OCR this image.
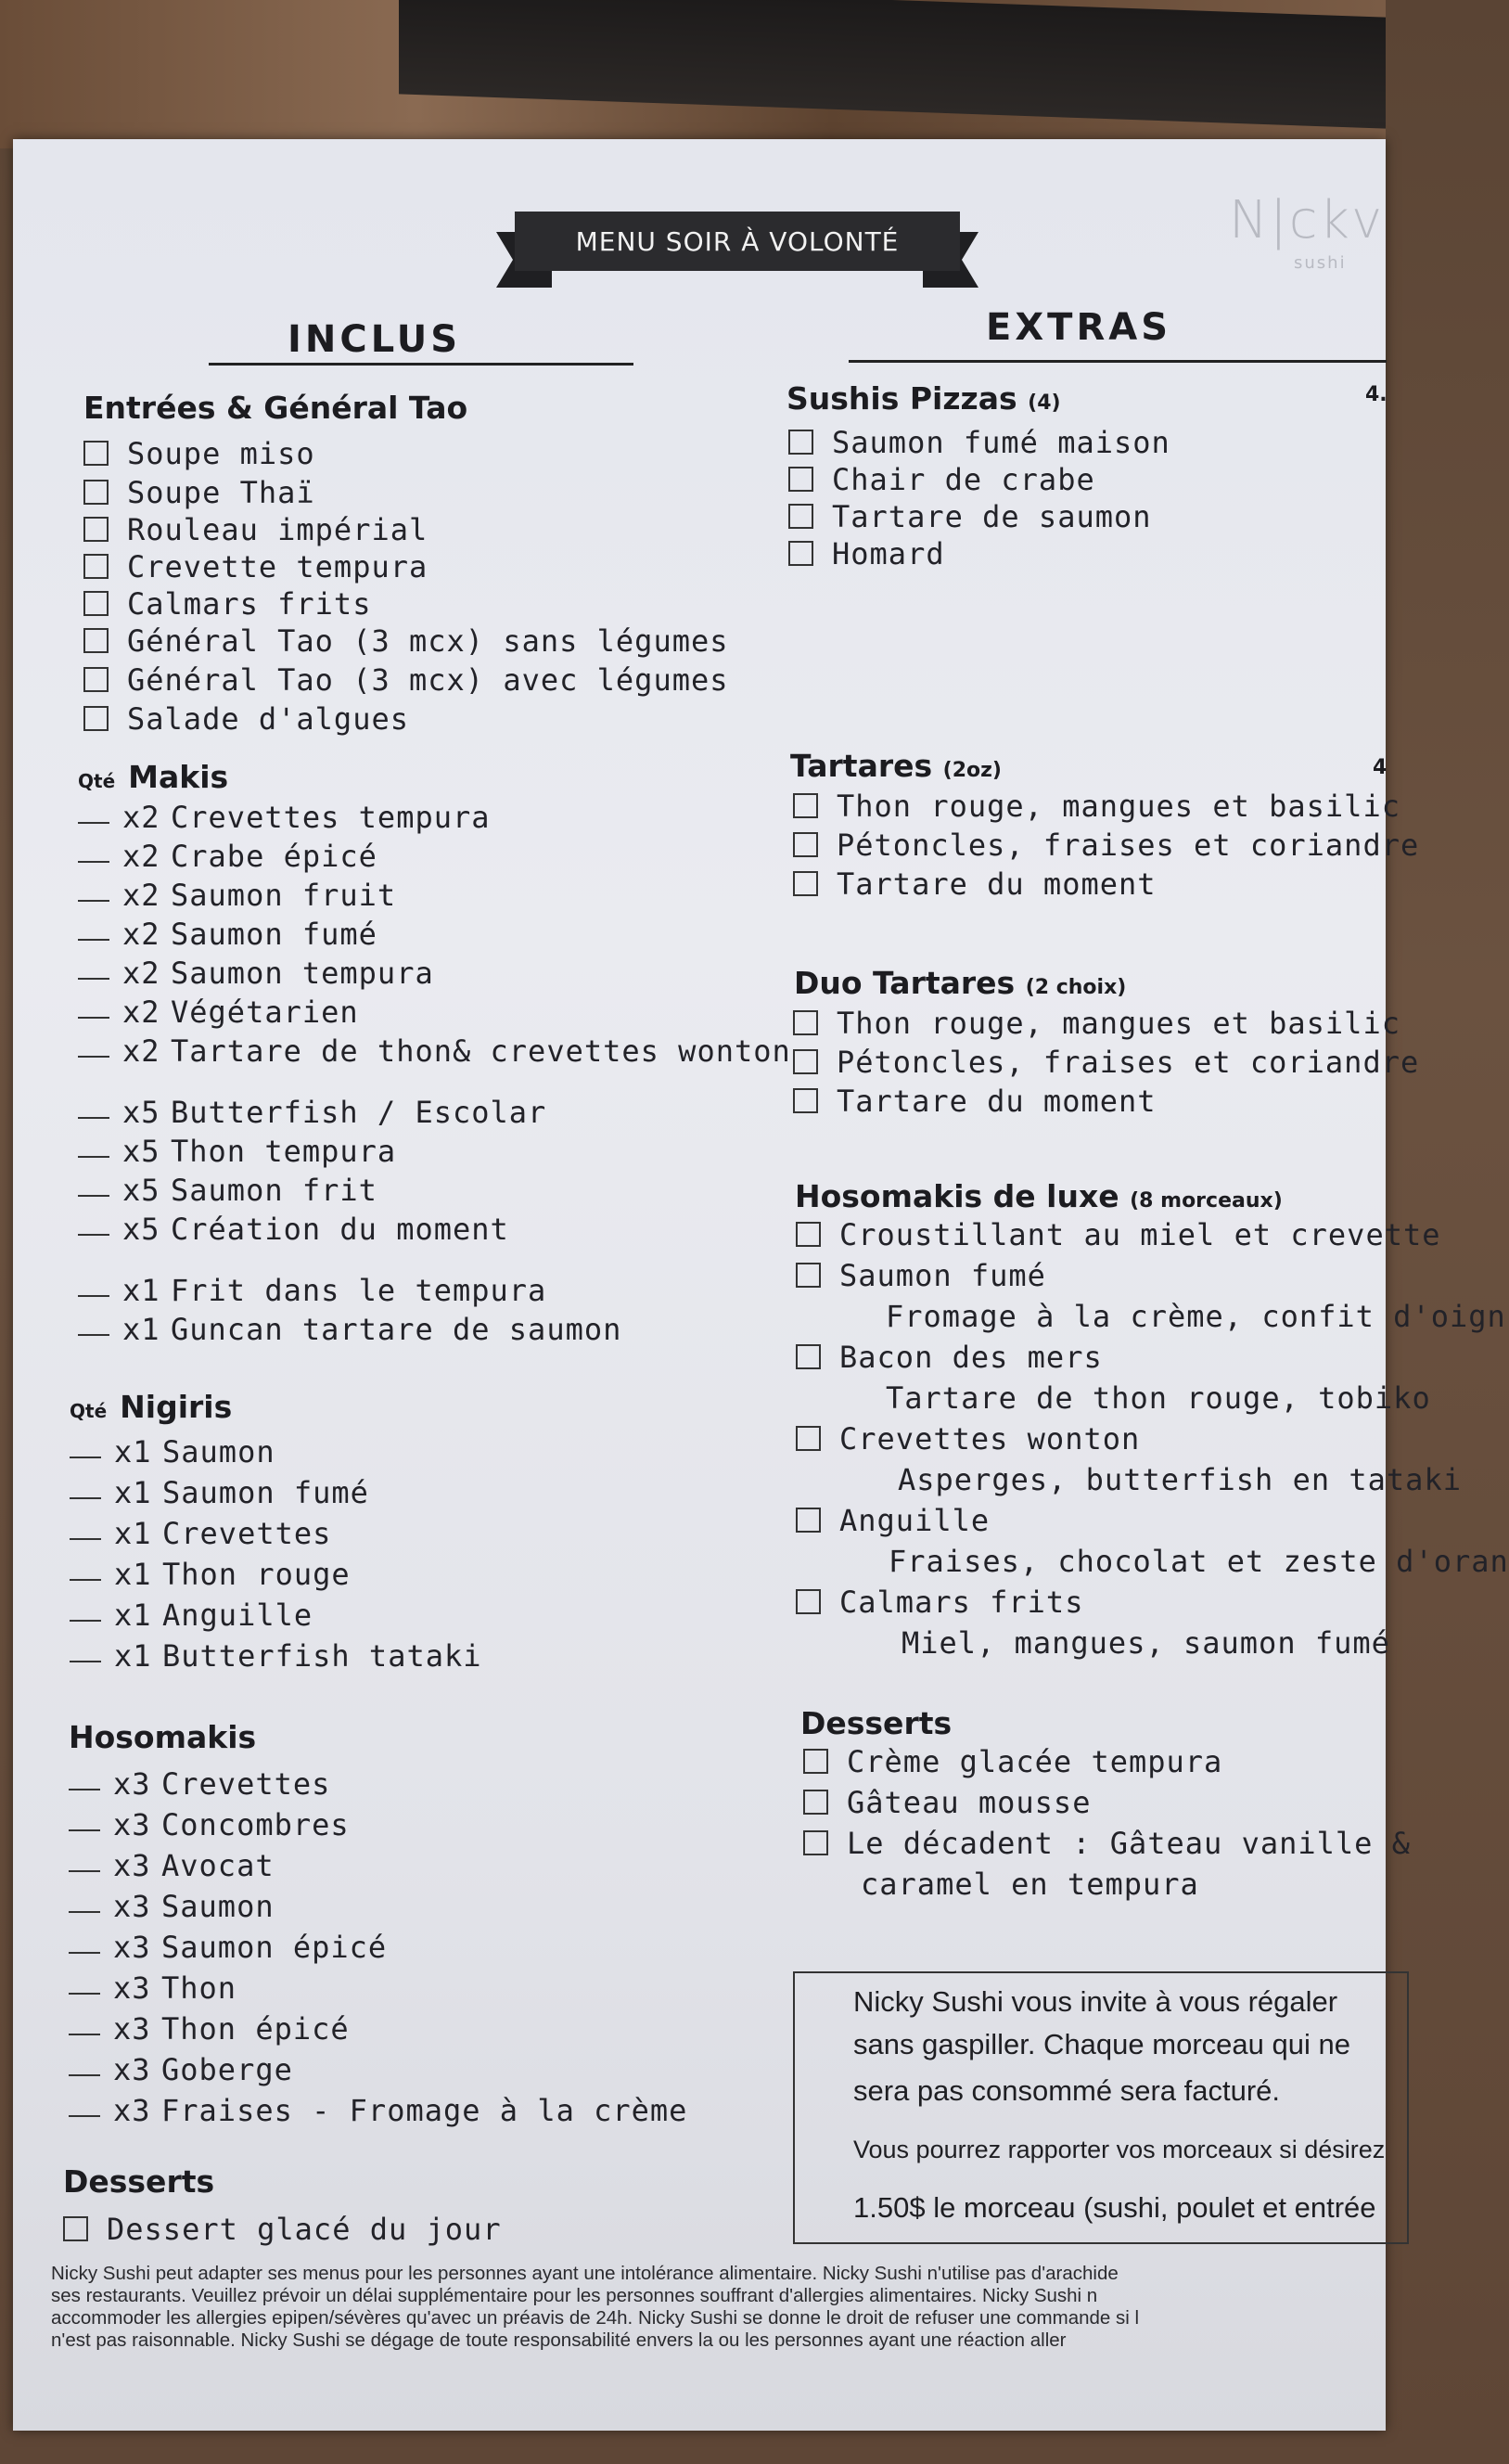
MENU SOIR À VOLONTÉ	N|ckv
sushi
INCLUS	EXTRAS
Entrées & Général Tao
Soupe miso
Soupe Thaï
Rouleau impérial
Crevette tempura
Calmars frits
Général Tao (3 mcx) sans légumes
Général Tao (3 mcx) avec légumes
Salade d'algues
Qté Makis
x2 Crevettes tempura
x2 Crabe épicé
x2 Saumon fruit
x2 Saumon fumé
x2 Saumon tempura
x2 Végétarien
x2 Tartare de thon& crevettes wonton
x5 Butterfish / Escolar
x5 Thon tempura
x5 Saumon frit
x5 Création du moment
x1 Frit dans le tempura
x1 Guncan tartare de saumon
Qté Nigiris
x1 Saumon
x1 Saumon fumé
x1 Crevettes
x1 Thon rouge
x1 Anguille
x1 Butterfish tataki
Hosomakis
x3 Crevettes
x3 Concombres
x3 Avocat
x3 Saumon
x3 Saumon épicé
x3 Thon
x3 Thon épicé
x3 Goberge
x3 Fraises - Fromage à la crème
Desserts
Dessert glacé du jour
Sushis Pizzas (4)	4.
Saumon fumé maison
Chair de crabe
Tartare de saumon
Homard
Tartares (2oz)	4
Thon rouge, mangues et basilic
Pétoncles, fraises et coriandre
Tartare du moment
Duo Tartares (2 choix)
Thon rouge, mangues et basilic
Pétoncles, fraises et coriandre
Tartare du moment
Hosomakis de luxe (8 morceaux)
Croustillant au miel et crevette
Saumon fumé
Fromage à la crème, confit d'oign
Bacon des mers
Tartare de thon rouge, tobiko
Crevettes wonton
Asperges, butterfish en tataki
Anguille
Fraises, chocolat et zeste d'oran
Calmars frits
Miel, mangues, saumon fumé
Desserts
Crème glacée tempura
Gâteau mousse
Le décadent : Gâteau vanille &
caramel en tempura
Nicky Sushi vous invite à vous régaler
sans gaspiller. Chaque morceau qui ne
sera pas consommé sera facturé.
Vous pourrez rapporter vos morceaux si désirez
1.50$ le morceau (sushi, poulet et entrée
Nicky Sushi peut adapter ses menus pour les personnes ayant une intolérance alimentaire. Nicky Sushi n'utilise pas d'arachide
ses restaurants. Veuillez prévoir un délai supplémentaire pour les personnes souffrant d'allergies alimentaires. Nicky Sushi n
accommoder les allergies epipen/sévères qu'avec un préavis de 24h. Nicky Sushi se donne le droit de refuser une commande si l
n'est pas raisonnable. Nicky Sushi se dégage de toute responsabilité envers la ou les personnes ayant une réaction aller
